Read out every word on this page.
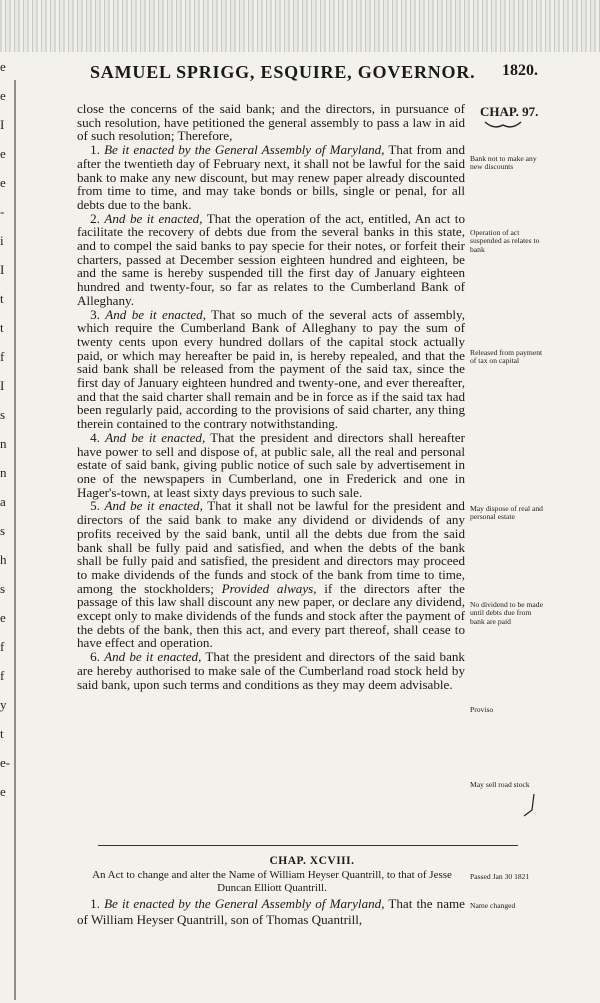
e
e
I
e
e
-
i
I
t
t
f
I
s
n
n
a
s
h
s
e
f
f
y
t
e-
e
SAMUEL SPRIGG, ESQUIRE, GOVERNOR. 1820.
CHAP. 97.

close the concerns of the said bank; and the directors, in pursuance of such resolution, have petitioned the general assembly to pass a law in aid of such resolution; Therefore,

 1. Be it enacted by the General Assembly of Maryland, That from and after the twentieth day of February next, it shall not be lawful for the said bank to make any new discount, but may renew paper already discounted from time to time, and may take bonds or bills, single or penal, for all debts due to the bank.

 2. And be it enacted, That the operation of the act, entitled, An act to facilitate the recovery of debts due from the several banks in this state, and to compel the said banks to pay specie for their notes, or forfeit their charters, passed at December session eighteen hundred and eighteen, be and the same is hereby suspended till the first day of January eighteen hundred and twenty-four, so far as relates to the Cumberland Bank of Alleghany.

 3. And be it enacted, That so much of the several acts of assembly, which require the Cumberland Bank of Alleghany to pay the sum of twenty cents upon every hundred dollars of the capital stock actually paid, or which may hereafter be paid in, is hereby repealed, and that the said bank shall be released from the payment of the said tax, since the first day of January eighteen hundred and twenty-one, and ever thereafter, and that the said charter shall remain and be in force as if the said tax had been regularly paid, according to the provisions of said charter, any thing therein contained to the contrary notwithstanding.

 4. And be it enacted, That the president and directors shall hereafter have power to sell and dispose of, at public sale, all the real and personal estate of said bank, giving public notice of such sale by advertisement in one of the newspapers in Cumberland, one in Frederick and one in Hager's-town, at least sixty days previous to such sale.

 5. And be it enacted, That it shall not be lawful for the president and directors of the said bank to make any dividend or dividends of any profits received by the said bank, until all the debts due from the said bank shall be fully paid and satisfied, and when the debts of the bank shall be fully paid and satisfied, the president and directors may proceed to make dividends of the funds and stock of the bank from time to time, among the stockholders; Provided always, if the directors after the passage of this law shall discount any new paper, or declare any dividend, except only to make dividends of the funds and stock after the payment of the debts of the bank, then this act, and every part thereof, shall cease to have effect and operation.

 6. And be it enacted, That the president and directors of the said bank are hereby authorised to make sale of the Cumberland road stock held by said bank, upon such terms and conditions as they may deem advisable.

Bank not to make any new discounts
Operation of act suspended as relates to bank
Released from payment of tax on capital
May dispose of real and personal estate
No dividend to be made until debts due from bank are paid
Proviso
May sell road stock
CHAP. XCVIII.
An Act to change and alter the Name of William Heyser Quantrill, to that of Jesse Duncan Elliott Quantrill.
Passed Jan 30 1821
 1. Be it enacted by the General Assembly of Maryland, That the name of William Heyser Quantrill, son of Thomas Quantrill,
Name changed
